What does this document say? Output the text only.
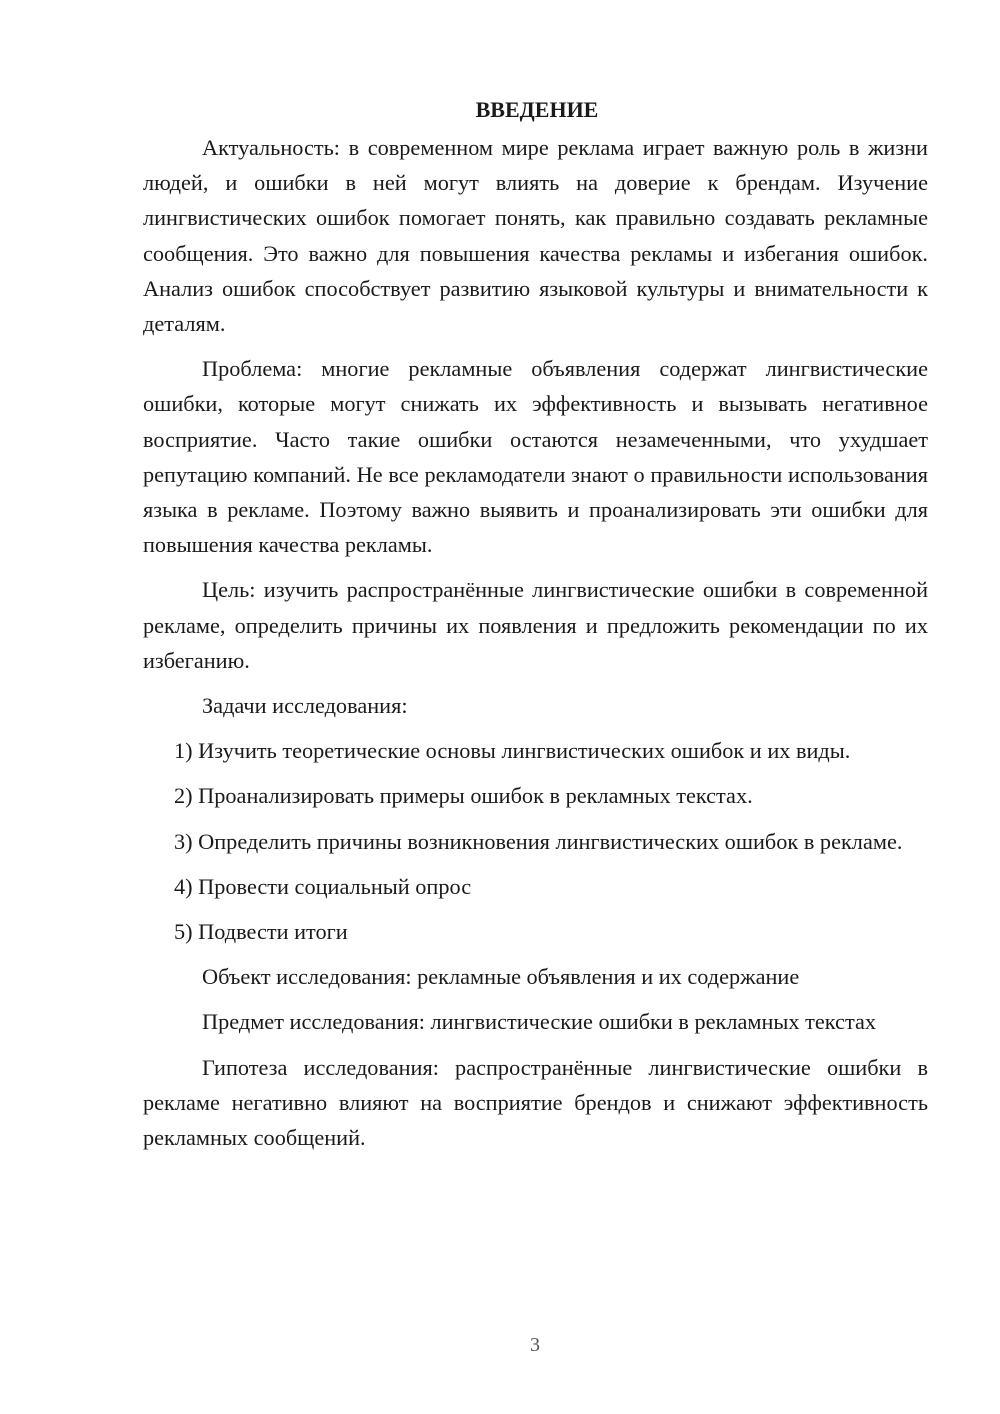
ВВЕДЕНИЕ

Актуальность: в современном мире реклама играет важную роль в жизни людей, и ошибки в ней могут влиять на доверие к брендам. Изучение лингвистических ошибок помогает понять, как правильно создавать рекламные сообщения. Это важно для повышения качества рекламы и избегания ошибок. Анализ ошибок способствует развитию языковой культуры и внимательности к деталям.

Проблема: многие рекламные объявления содержат лингвистические ошибки, которые могут снижать их эффективность и вызывать негативное восприятие. Часто такие ошибки остаются незамеченными, что ухудшает репутацию компаний. Не все рекламодатели знают о правильности использования языка в рекламе. Поэтому важно выявить и проанализировать эти ошибки для повышения качества рекламы.

Цель: изучить распространённые лингвистические ошибки в современной рекламе, определить причины их появления и предложить рекомендации по их избеганию.

Задачи исследования:

1) Изучить теоретические основы лингвистических ошибок и их виды.

2) Проанализировать примеры ошибок в рекламных текстах.

3) Определить причины возникновения лингвистических ошибок в рекламе.

4) Провести социальный опрос

5) Подвести итоги

Объект исследования: рекламные объявления и их содержание

Предмет исследования: лингвистические ошибки в рекламных текстах

Гипотеза исследования: распространённые лингвистические ошибки в рекламе негативно влияют на восприятие брендов и снижают эффективность рекламных сообщений.

3
